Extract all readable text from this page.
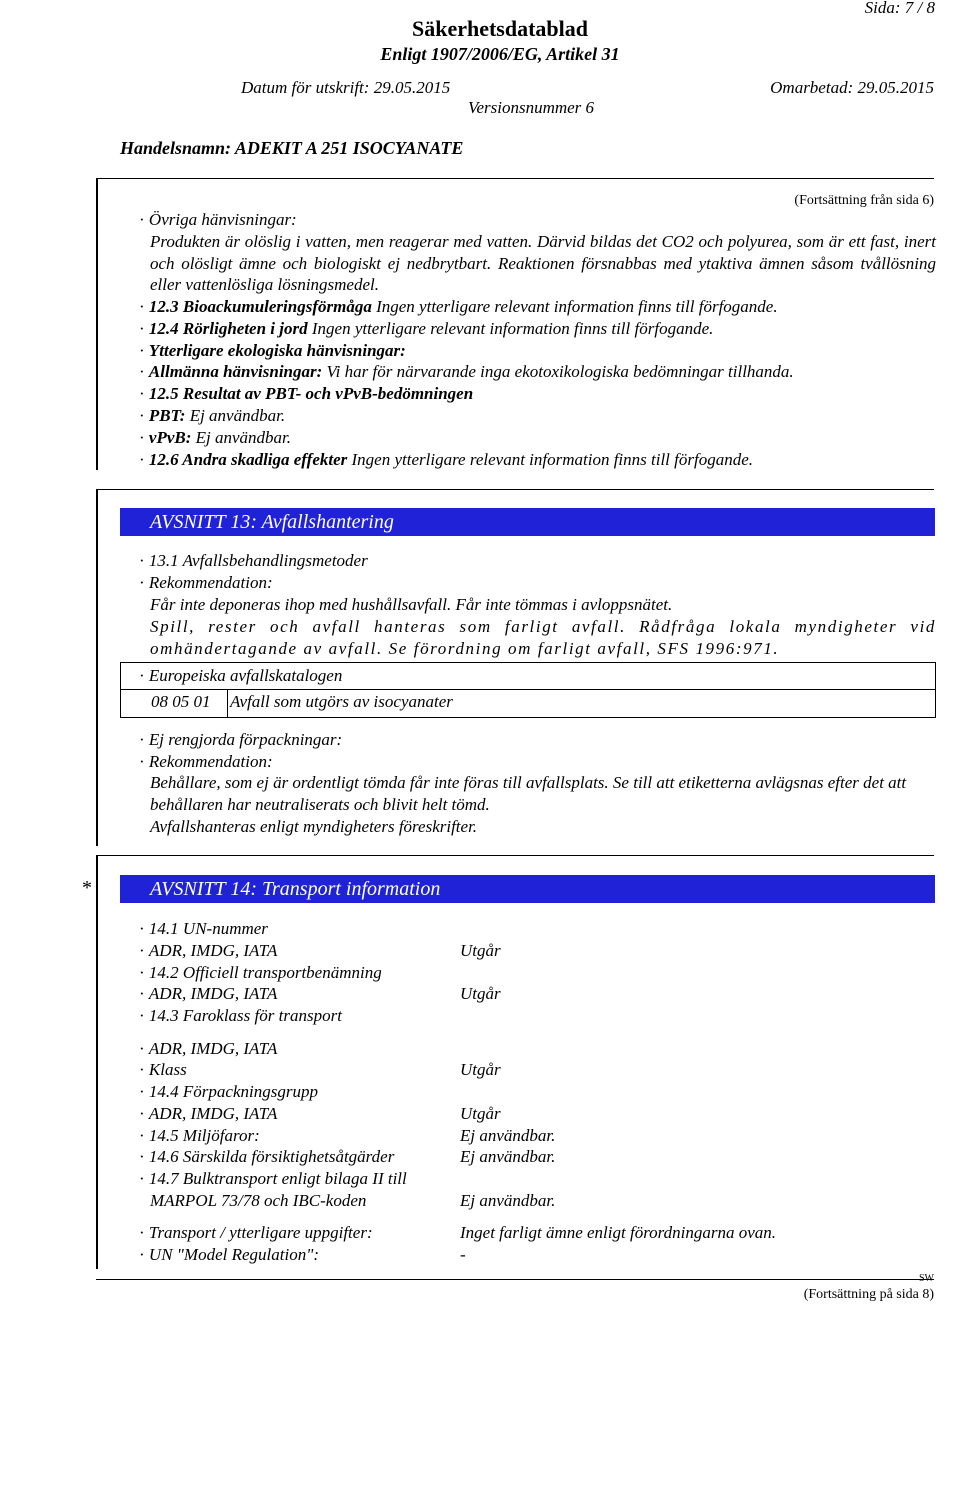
Sida: 7 / 8
Säkerhetsdatablad
Enligt 1907/2006/EG, Artikel 31
Datum för utskrift: 29.05.2015	Omarbetad: 29.05.2015
Versionsnummer 6
Handelsnamn: ADEKIT A 251 ISOCYANATE
(Fortsättning från sida 6)
· Övriga hänvisningar:
Produkten är olöslig i vatten, men reagerar med vatten. Därvid bildas det CO2 och polyurea, som är ett fast, inert och olösligt ämne och biologiskt ej nedbrytbart. Reaktionen försnabbas med ytaktiva ämnen såsom tvållösning eller vattenlösliga lösningsmedel.
· 12.3 Bioackumuleringsförmåga Ingen ytterligare relevant information finns till förfogande.
· 12.4 Rörligheten i jord Ingen ytterligare relevant information finns till förfogande.
· Ytterligare ekologiska hänvisningar:
· Allmänna hänvisningar: Vi har för närvarande inga ekotoxikologiska bedömningar tillhanda.
· 12.5 Resultat av PBT- och vPvB-bedömningen
· PBT: Ej användbar.
· vPvB: Ej användbar.
· 12.6 Andra skadliga effekter Ingen ytterligare relevant information finns till förfogande.
AVSNITT 13: Avfallshantering
· 13.1 Avfallsbehandlingsmetoder
· Rekommendation:
Får inte deponeras ihop med hushållsavfall. Får inte tömmas i avloppsnätet.
Spill, rester och avfall hanteras som farligt avfall. Rådfråga lokala myndigheter vid omhändertagande av avfall. Se förordning om farligt avfall, SFS 1996:971.
· Europeiska avfallskatalogen
08 05 01 Avfall som utgörs av isocyanater
· Ej rengjorda förpackningar:
· Rekommendation:
Behållare, som ej är ordentligt tömda får inte föras till avfallsplats. Se till att etiketterna avlägsnas efter det att behållaren har neutraliserats och blivit helt tömd.
Avfallshanteras enligt myndigheters föreskrifter.
*	AVSNITT 14: Transport information
· 14.1 UN-nummer
· ADR, IMDG, IATA	Utgår
· 14.2 Officiell transportbenämning
· ADR, IMDG, IATA	Utgår
· 14.3 Faroklass för transport
· ADR, IMDG, IATA
· Klass	Utgår
· 14.4 Förpackningsgrupp
· ADR, IMDG, IATA	Utgår
· 14.5 Miljöfaror:	Ej användbar.
· 14.6 Särskilda försiktighetsåtgärder	Ej användbar.
· 14.7 Bulktransport enligt bilaga II till
MARPOL 73/78 och IBC-koden	Ej användbar.
· Transport / ytterligare uppgifter:	Inget farligt ämne enligt förordningarna ovan.
· UN "Model Regulation":	-
(Fortsättning på sida 8)
